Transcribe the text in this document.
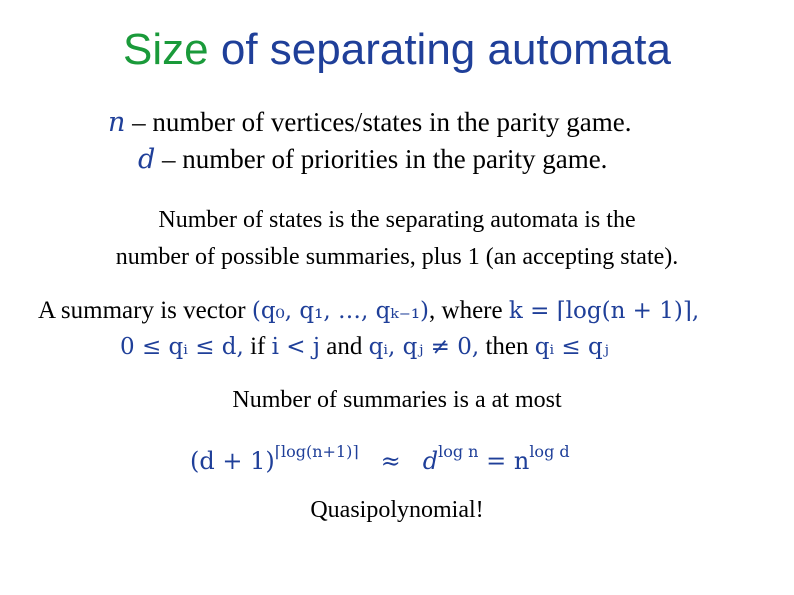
Size of separating automata
n – number of vertices/states in the parity game.
d – number of priorities in the parity game.
Number of states is the separating automata is the
number of possible summaries, plus 1 (an accepting state).
A summary is vector (q₀, q₁, …, qₖ₋₁), where k = ⌈log(n + 1)⌉,
0 ≤ qᵢ ≤ d, if i < j and qᵢ, qⱼ ≠ 0, then qᵢ ≤ qⱼ
Number of summaries is a at most
$(d + 1)^{⌈log(n+1)⌉} \approx d^{log n} = n^{log d}$
Quasipolynomial!
